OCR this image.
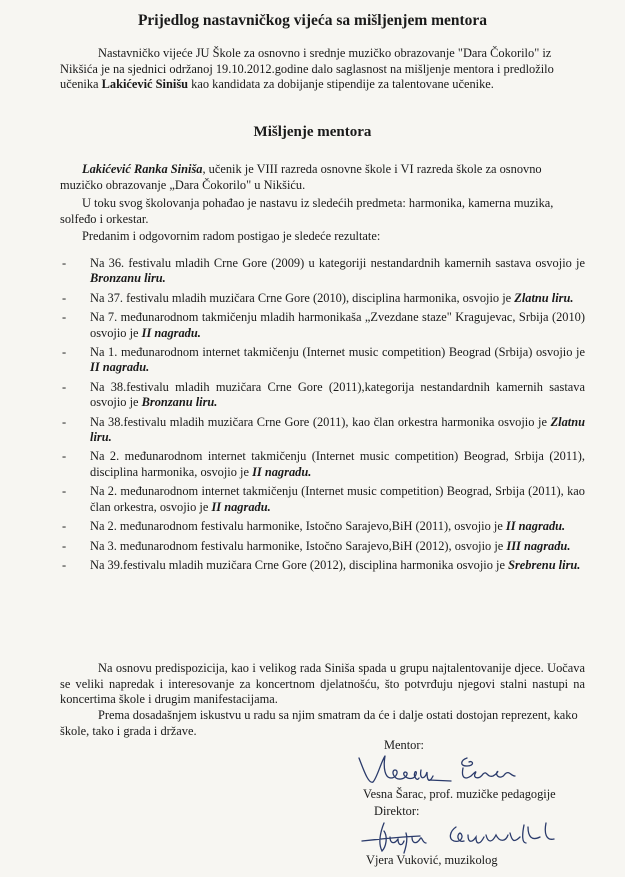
Prijedlog nastavničkog vijeća sa mišljenjem mentora
Nastavničko vijeće JU Škole za osnovno i srednje muzičko obrazovanje "Dara Čokorilo" iz Nikšića je na sjednici održanoj 19.10.2012.godine dalo saglasnost na mišljenje mentora i predložilo učenika Lakićević Sinišu kao kandidata za dobijanje stipendije za talentovane učenike.
Mišljenje mentora
Lakićević Ranka Siniša, učenik je VIII razreda osnovne škole i VI razreda škole za osnovno muzičko obrazovanje „Dara Čokorilo" u Nikšiću.
U toku svog školovanja pohađao je nastavu iz sledećih predmeta: harmonika, kamerna muzika, solfeđo i orkestar.
Predanim i odgovornim radom postigao je sledeće rezultate:
- Na 36. festivalu mladih Crne Gore (2009) u kategoriji nestandardnih kamernih sastava osvojio je Bronzanu liru.
- Na 37. festivalu mladih muzičara Crne Gore (2010), disciplina harmonika, osvojio je Zlatnu liru.
- Na 7. međunarodnom takmičenju mladih harmonikaša „Zvezdane staze" Kragujevac, Srbija (2010) osvojio je II nagradu.
- Na 1. međunarodnom internet takmičenju (Internet music competition) Beograd (Srbija) osvojio je II nagradu.
- Na 38.festivalu mladih muzičara Crne Gore (2011),kategorija nestandardnih kamernih sastava osvojio je Bronzanu liru.
- Na 38.festivalu mladih muzičara Crne Gore (2011), kao član orkestra harmonika osvojio je Zlatnu liru.
- Na 2. međunarodnom internet takmičenju (Internet music competition) Beograd, Srbija (2011), disciplina harmonika, osvojio je II nagradu.
- Na 2. međunarodnom internet takmičenju (Internet music competition) Beograd, Srbija (2011), kao član orkestra, osvojio je II nagradu.
- Na 2. međunarodnom festivalu harmonike, Istočno Sarajevo,BiH (2011), osvojio je II nagradu.
- Na 3. međunarodnom festivalu harmonike, Istočno Sarajevo,BiH (2012), osvojio je III nagradu.
- Na 39.festivalu mladih muzičara Crne Gore (2012), disciplina harmonika osvojio je Srebrenu liru.
Na osnovu predispozicija, kao i velikog rada Siniša spada u grupu najtalentovanije djece. Uočava se veliki napredak i interesovanje za koncertnom djelatnošću, što potvrđuju njegovi stalni nastupi na koncertima škole i drugim manifestacijama.
Prema dosadašnjem iskustvu u radu sa njim smatram da će i dalje ostati dostojan reprezent, kako škole, tako i grada i države.
Mentor:
Vesna Šarac, prof. muzičke pedagogije
Direktor:
Vjera Vuković, muzikolog
